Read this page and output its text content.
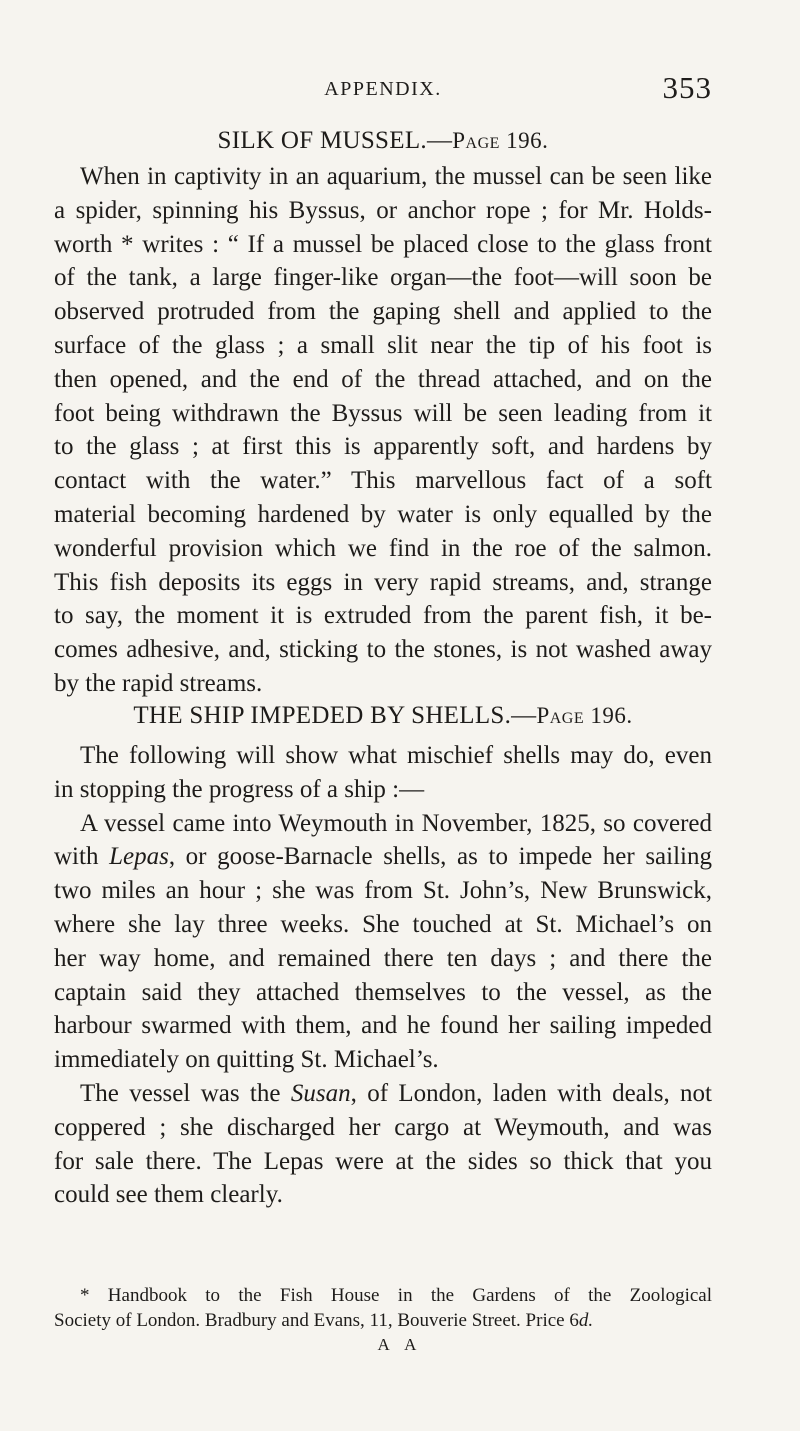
APPENDIX.	353
SILK OF MUSSEL.—Page 196.
When in captivity in an aquarium, the mussel can be seen like
a spider, spinning his Byssus, or anchor rope ; for Mr. Holds-
worth * writes : “ If a mussel be placed close to the glass front
of the tank, a large finger-like organ—the foot—will soon be
observed protruded from the gaping shell and applied to the
surface of the glass ; a small slit near the tip of his foot is
then opened, and the end of the thread attached, and on the
foot being withdrawn the Byssus will be seen leading from it
to the glass ; at first this is apparently soft, and hardens by
contact with the water.” This marvellous fact of a soft
material becoming hardened by water is only equalled by the
wonderful provision which we find in the roe of the salmon.
This fish deposits its eggs in very rapid streams, and, strange
to say, the moment it is extruded from the parent fish, it be-
comes adhesive, and, sticking to the stones, is not washed away
by the rapid streams.
THE SHIP IMPEDED BY SHELLS.—Page 196.
The following will show what mischief shells may do, even
in stopping the progress of a ship :—
A vessel came into Weymouth in November, 1825, so covered
with Lepas, or goose-Barnacle shells, as to impede her sailing
two miles an hour ; she was from St. John’s, New Brunswick,
where she lay three weeks. She touched at St. Michael’s on
her way home, and remained there ten days ; and there the
captain said they attached themselves to the vessel, as the
harbour swarmed with them, and he found her sailing impeded
immediately on quitting St. Michael’s.
The vessel was the Susan, of London, laden with deals, not
coppered ; she discharged her cargo at Weymouth, and was
for sale there. The Lepas were at the sides so thick that you
could see them clearly.
* Handbook to the Fish House in the Gardens of the Zoological
Society of London. Bradbury and Evans, 11, Bouverie Street. Price 6d.
A A
